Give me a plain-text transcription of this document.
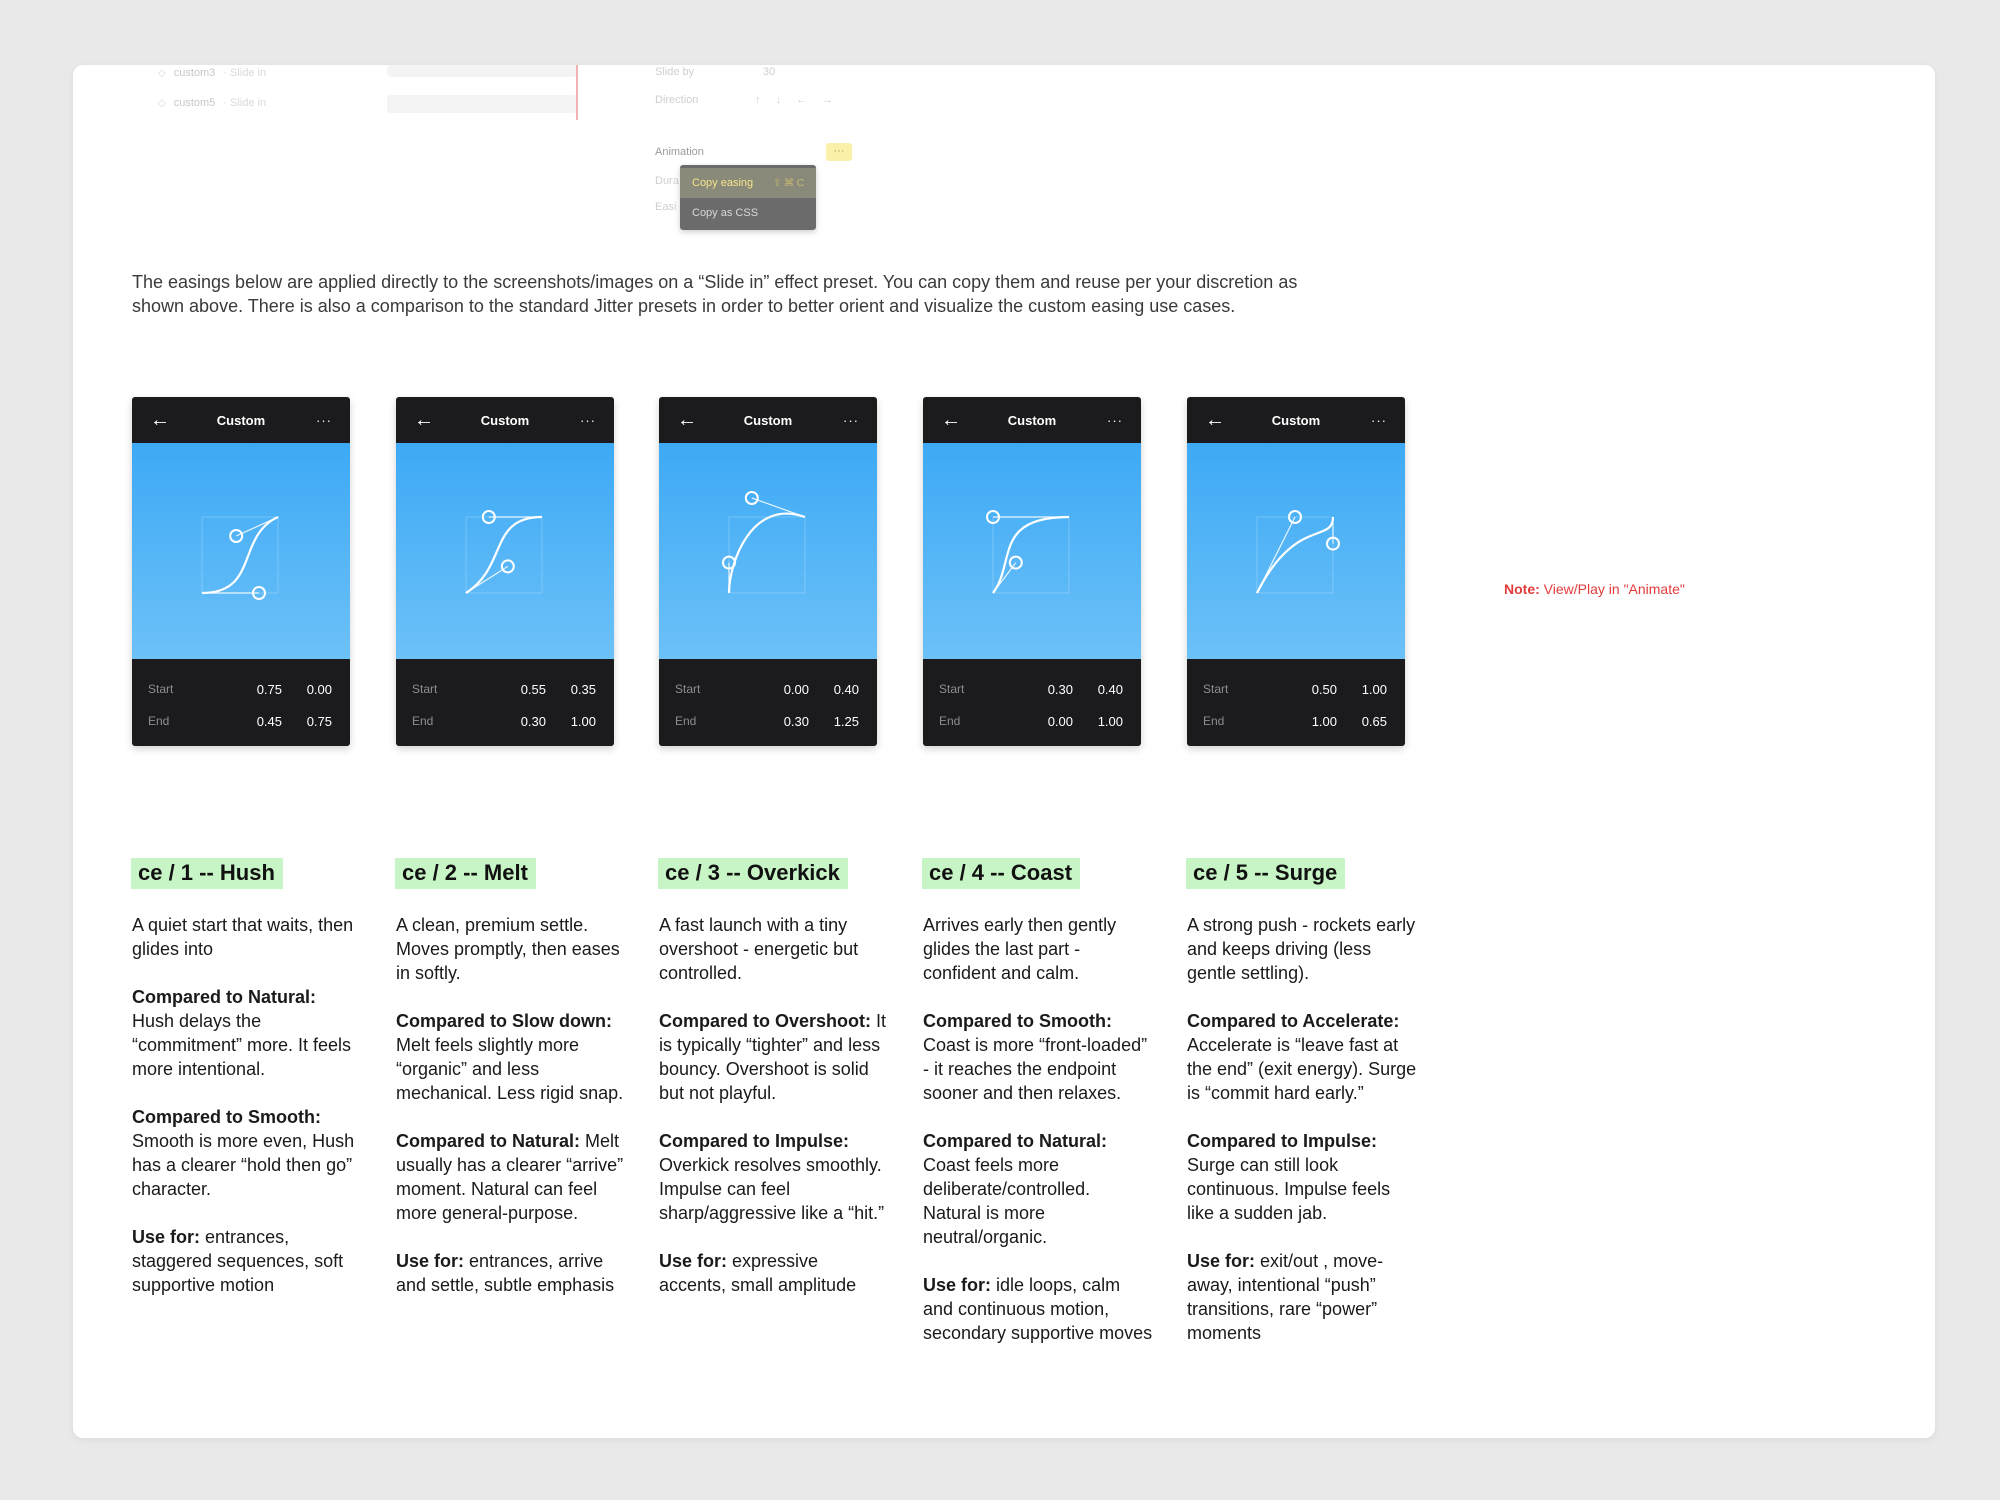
◇ custom3 · Slide in
◇ custom5 · Slide in
Slide by	30
Direction	↑ ↓ ← →
Animation	···
Dura
Easi
Copy easing ⇧ ⌘ C
Copy as CSS

The easings below are applied directly to the screenshots/images on a “Slide in” effect preset. You can copy them and reuse per your discretion as shown above. There is also a comparison to the standard Jitter presets in order to better orient and visualize the custom easing use cases.

Note: View/Play in "Animate"
←	Custom	···
Start	0.75	0.00
End	0.45	0.75
←	Custom	···
Start	0.55	0.35
End	0.30	1.00
←	Custom	···
Start	0.00	0.40
End	0.30	1.25
←	Custom	···
Start	0.30	0.40
End	0.00	1.00
←	Custom	···
Start	0.50	1.00
End	1.00	0.65
ce / 1 -- Hush

A quiet start that waits, then glides into

Compared to Natural: Hush delays the “commitment” more. It feels more intentional.

Compared to Smooth: Smooth is more even, Hush has a clearer “hold then go” character.

Use for: entrances, staggered sequences, soft supportive motion

ce / 2 -- Melt

A clean, premium settle. Moves promptly, then eases in softly.

Compared to Slow down: Melt feels slightly more “organic” and less mechanical. Less rigid snap.

Compared to Natural: Melt usually has a clearer “arrive” moment. Natural can feel more general-purpose.

Use for: entrances, arrive and settle, subtle emphasis

ce / 3 -- Overkick

A fast launch with a tiny overshoot - energetic but controlled.

Compared to Overshoot: It is typically “tighter” and less bouncy. Overshoot is solid but not playful.

Compared to Impulse: Overkick resolves smoothly. Impulse can feel sharp/aggressive like a “hit.”

Use for: expressive accents, small amplitude

ce / 4 -- Coast

Arrives early then gently glides the last part - confident and calm.

Compared to Smooth: Coast is more “front-loaded” - it reaches the endpoint sooner and then relaxes.

Compared to Natural: Coast feels more deliberate/controlled. Natural is more neutral/organic.

Use for: idle loops, calm and continuous motion, secondary supportive moves

ce / 5 -- Surge

A strong push - rockets early and keeps driving (less gentle settling).

Compared to Accelerate: Accelerate is “leave fast at the end” (exit energy). Surge is “commit hard early.”

Compared to Impulse: Surge can still look continuous. Impulse feels like a sudden jab.

Use for: exit/out , move-away, intentional “push” transitions, rare “power” moments
